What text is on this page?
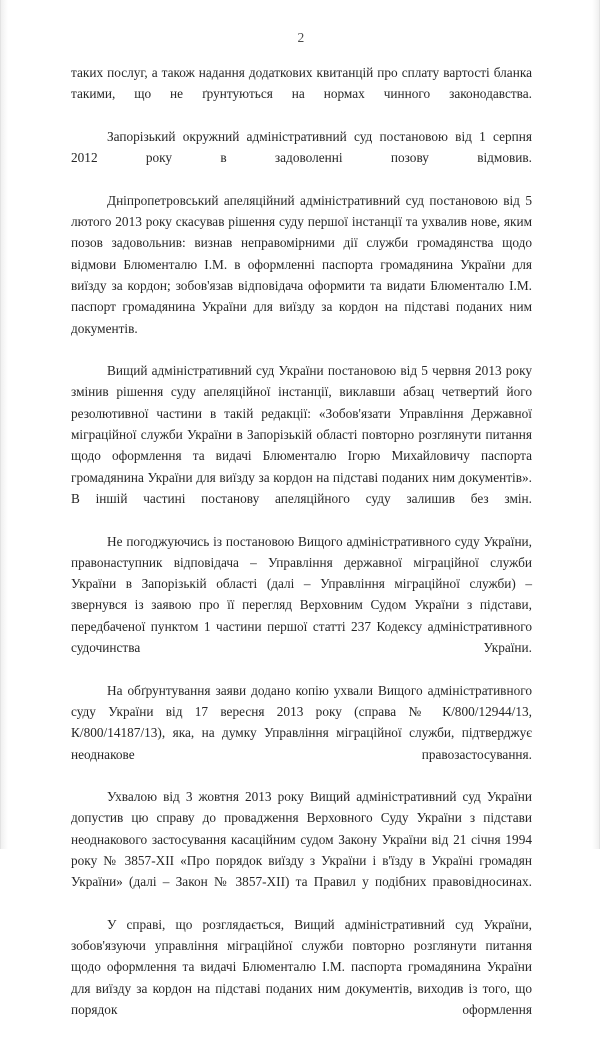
2

таких послуг, а також надання додаткових квитанцій про сплату вартості бланка такими, що не ґрунтуються на нормах чинного законодавства.

Запорізький окружний адміністративний суд постановою від 1 серпня 2012 року в задоволенні позову відмовив.

Дніпропетровський апеляційний адміністративний суд постановою від 5 лютого 2013 року скасував рішення суду першої інстанції та ухвалив нове, яким позов задовольнив: визнав неправомірними дії служби громадянства щодо відмови Блюменталю І.М. в оформленні паспорта громадянина України для виїзду за кордон; зобов'язав відповідача оформити та видати Блюменталю І.М. паспорт громадянина України для виїзду за кордон на підставі поданих ним документів.

Вищий адміністративний суд України постановою від 5 червня 2013 року змінив рішення суду апеляційної інстанції, виклавши абзац четвертий його резолютивної частини в такій редакції: «Зобов'язати Управління Державної міграційної служби України в Запорізькій області повторно розглянути питання щодо оформлення та видачі Блюменталю Ігорю Михайловичу паспорта громадянина України для виїзду за кордон на підставі поданих ним документів». В іншій частині постанову апеляційного суду залишив без змін.

Не погоджуючись із постановою Вищого адміністративного суду України, правонаступник відповідача – Управління державної міграційної служби України в Запорізькій області (далі – Управління міграційної служби) – звернувся із заявою про її перегляд Верховним Судом України з підстави, передбаченої пунктом 1 частини першої статті 237 Кодексу адміністративного судочинства України.

На обґрунтування заяви додано копію ухвали Вищого адміністративного суду України від 17 вересня 2013 року (справа № К/800/12944/13, К/800/14187/13), яка, на думку Управління міграційної служби, підтверджує неоднакове правозастосування.

Ухвалою від 3 жовтня 2013 року Вищий адміністративний суд України допустив цю справу до провадження Верховного Суду України з підстави неоднакового застосування касаційним судом Закону України від 21 січня 1994 року № 3857-XII «Про порядок виїзду з України і в'їзду в Україні громадян України» (далі – Закон № 3857-XII) та Правил у подібних правовідносинах.

У справі, що розглядається, Вищий адміністративний суд України, зобов'язуючи управління міграційної служби повторно розглянути питання щодо оформлення та видачі Блюменталю І.М. паспорта громадянина України для виїзду за кордон на підставі поданих ним документів, виходив із того, що порядок оформлення
